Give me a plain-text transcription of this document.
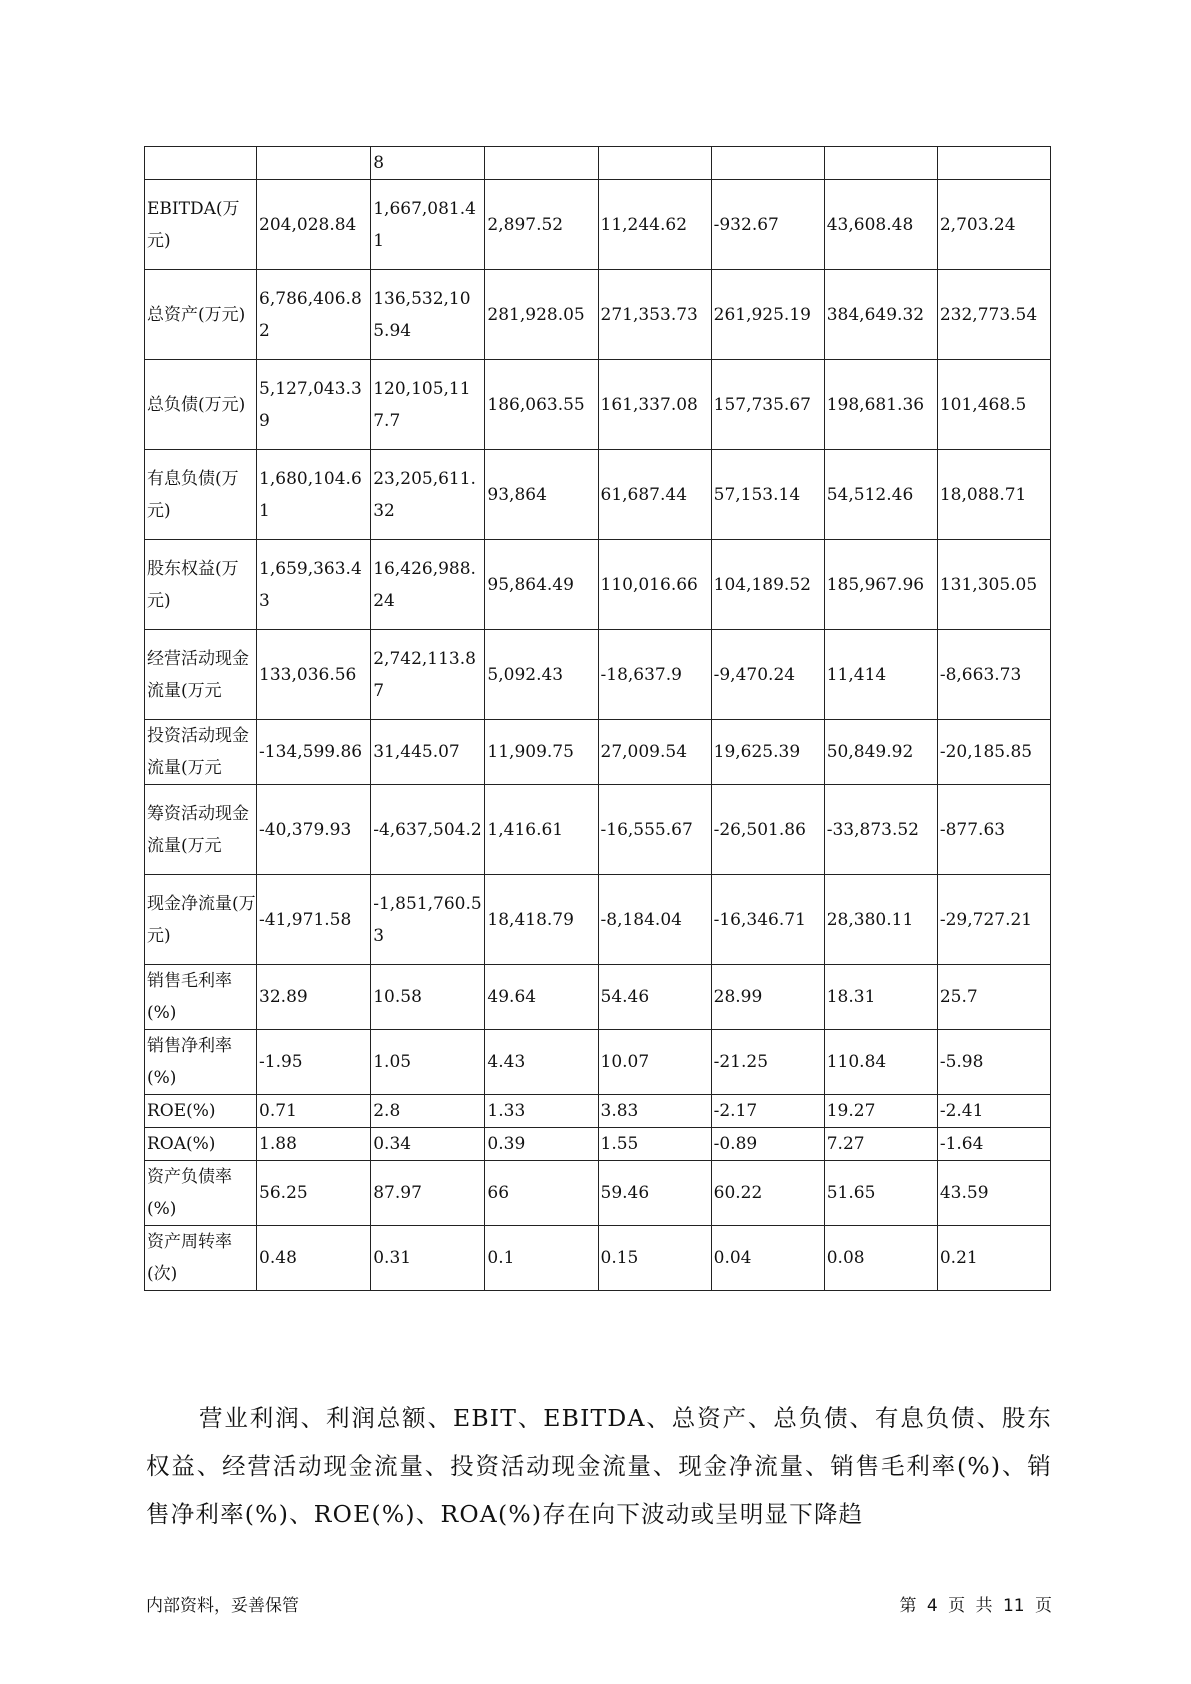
		8					
EBITDA(万元)	204,028.84	1,667,081.41	2,897.52	11,244.62	-932.67	43,608.48	2,703.24
总资产(万元)	6,786,406.82	136,532,105.94	281,928.05	271,353.73	261,925.19	384,649.32	232,773.54
总负债(万元)	5,127,043.39	120,105,117.7	186,063.55	161,337.08	157,735.67	198,681.36	101,468.5
有息负债(万元)	1,680,104.61	23,205,611.32	93,864	61,687.44	57,153.14	54,512.46	18,088.71
股东权益(万元)	1,659,363.43	16,426,988.24	95,864.49	110,016.66	104,189.52	185,967.96	131,305.05
经营活动现金流量(万元	133,036.56	2,742,113.87	5,092.43	-18,637.9	-9,470.24	11,414	-8,663.73
投资活动现金流量(万元	-134,599.86	31,445.07	11,909.75	27,009.54	19,625.39	50,849.92	-20,185.85
筹资活动现金流量(万元	-40,379.93	-4,637,504.2	1,416.61	-16,555.67	-26,501.86	-33,873.52	-877.63
现金净流量(万元)	-41,971.58	-1,851,760.53	18,418.79	-8,184.04	-16,346.71	28,380.11	-29,727.21
销售毛利率(%)	32.89	10.58	49.64	54.46	28.99	18.31	25.7
销售净利率(%)	-1.95	1.05	4.43	10.07	-21.25	110.84	-5.98
ROE(%)	0.71	2.8	1.33	3.83	-2.17	19.27	-2.41
ROA(%)	1.88	0.34	0.39	1.55	-0.89	7.27	-1.64
资产负债率(%)	56.25	87.97	66	59.46	60.22	51.65	43.59
资产周转率(次)	0.48	0.31	0.1	0.15	0.04	0.08	0.21

营业利润、利润总额、EBIT、EBITDA、总资产、总负债、有息负债、股东权益、经营活动现金流量、投资活动现金流量、现金净流量、销售毛利率(%)、销售净利率(%)、ROE(%)、ROA(%)存在向下波动或呈明显下降趋

内部资料，妥善保管	第 4 页 共 11 页
